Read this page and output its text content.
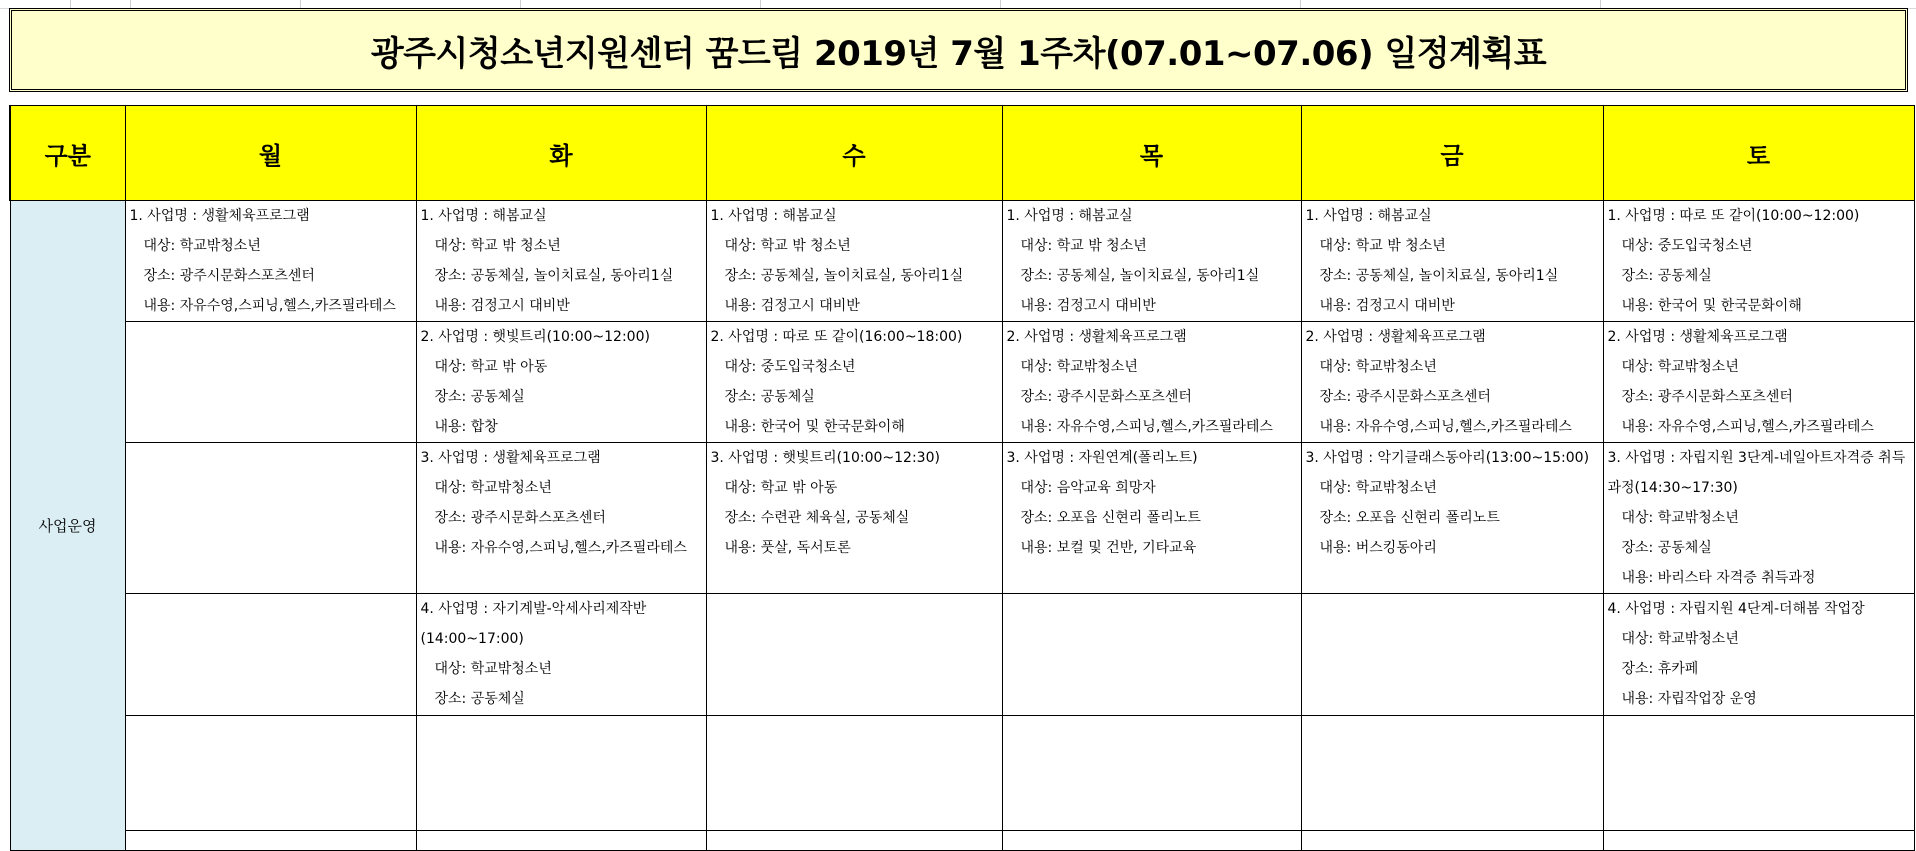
광주시청소년지원센터 꿈드림 2019년 7월 1주차(07.01~07.06) 일정계획표
구분	월	화	수	목	금	토
사업운영	1. 사업명 : 생활체육프로그램
대상: 학교밖청소년
장소: 광주시문화스포츠센터
내용: 자유수영,스피닝,헬스,카즈필라테스	1. 사업명 : 해봄교실
대상: 학교 밖 청소년
장소: 공동체실, 놀이치료실, 동아리1실
내용: 검정고시 대비반	1. 사업명 : 해봄교실
대상: 학교 밖 청소년
장소: 공동체실, 놀이치료실, 동아리1실
내용: 검정고시 대비반	1. 사업명 : 해봄교실
대상: 학교 밖 청소년
장소: 공동체실, 놀이치료실, 동아리1실
내용: 검정고시 대비반	1. 사업명 : 해봄교실
대상: 학교 밖 청소년
장소: 공동체실, 놀이치료실, 동아리1실
내용: 검정고시 대비반	1. 사업명 : 따로 또 같이(10:00~12:00)
대상: 중도입국청소년
장소: 공동체실
내용: 한국어 및 한국문화이해

		2. 사업명 : 햇빛트리(10:00~12:00)
대상: 학교 밖 아동
장소: 공동체실
내용: 합창	2. 사업명 : 따로 또 같이(16:00~18:00)
대상: 중도입국청소년
장소: 공동체실
내용: 한국어 및 한국문화이해	2. 사업명 : 생활체육프로그램
대상: 학교밖청소년
장소: 광주시문화스포츠센터
내용: 자유수영,스피닝,헬스,카즈필라테스	2. 사업명 : 생활체육프로그램
대상: 학교밖청소년
장소: 광주시문화스포츠센터
내용: 자유수영,스피닝,헬스,카즈필라테스	2. 사업명 : 생활체육프로그램
대상: 학교밖청소년
장소: 광주시문화스포츠센터
내용: 자유수영,스피닝,헬스,카즈필라테스

		3. 사업명 : 생활체육프로그램
대상: 학교밖청소년
장소: 광주시문화스포츠센터
내용: 자유수영,스피닝,헬스,카즈필라테스	3. 사업명 : 햇빛트리(10:00~12:30)
대상: 학교 밖 아동
장소: 수련관 체육실, 공동체실
내용: 풋살, 독서토론	3. 사업명 : 자원연계(폴리노트)
대상: 음악교육 희망자
장소: 오포읍 신현리 폴리노트
내용: 보컬 및 건반, 기타교육	3. 사업명 : 악기클래스동아리(13:00~15:00)
대상: 학교밖청소년
장소: 오포읍 신현리 폴리노트
내용: 버스킹동아리	3. 사업명 : 자립지원 3단계-네일아트자격증 취득
과정(14:30~17:30)
대상: 학교밖청소년
장소: 공동체실
내용: 바리스타 자격증 취득과정

		4. 사업명 : 자기계발-악세사리제작반
(14:00~17:00)
대상: 학교밖청소년
장소: 공동체실				4. 사업명 : 자립지원 4단계-더해봄 작업장
대상: 학교밖청소년
장소: 휴카페
내용: 자립작업장 운영
